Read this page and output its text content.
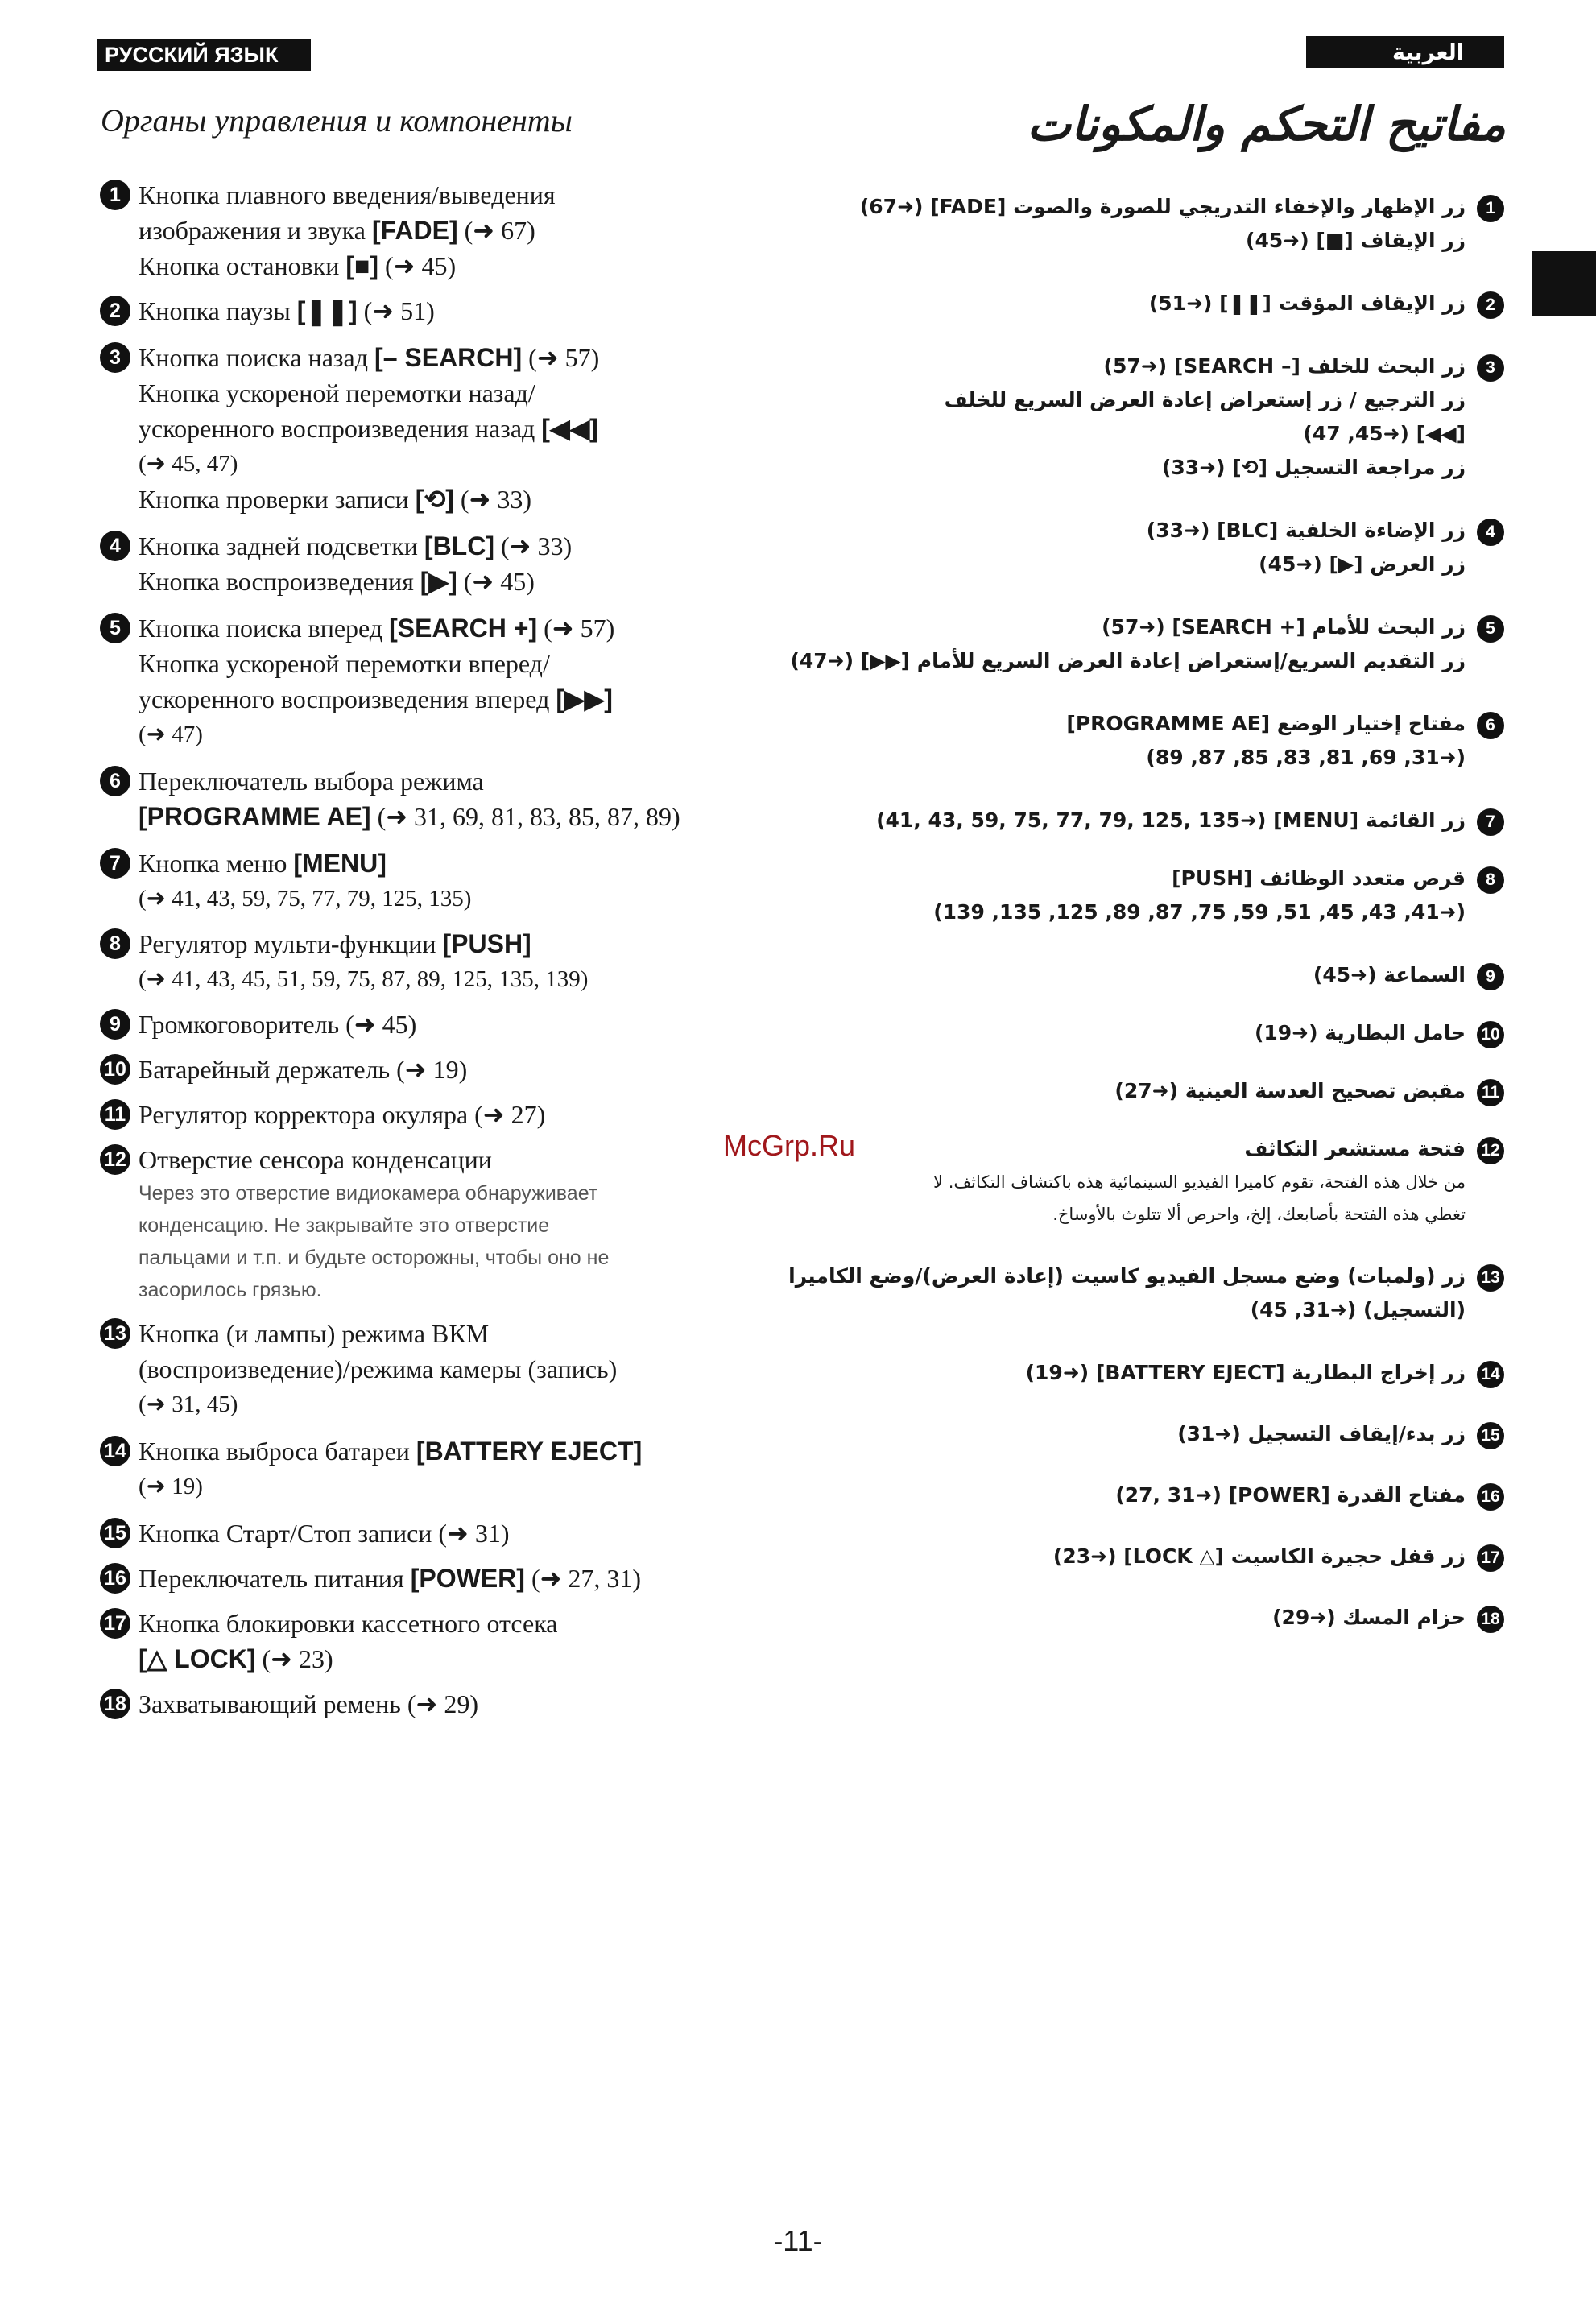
РУССКИЙ ЯЗЫК	العربية
Органы управления и компоненты	مفاتيح التحكم والمكونات
1 Кнопка плавного введения/выведения
изображения и звука [FADE] (➜ 67)
Кнопка остановки [■] (➜ 45)
2 Кнопка паузы [❚❚] (➜ 51)
3 Кнопка поиска назад [– SEARCH] (➜ 57)
Кнопка ускореной перемотки назад/
ускоренного воспроизведения назад [◀◀]
(➜ 45, 47)
Кнопка проверки записи [⟲] (➜ 33)
4 Кнопка задней подсветки [BLC] (➜ 33)
Кнопка воспроизведения [▶] (➜ 45)
5 Кнопка поиска вперед [SEARCH +] (➜ 57)
Кнопка ускореной перемотки вперед/
ускоренного воспроизведения вперед [▶▶]
(➜ 47)
6 Переключатель выбора режима
[PROGRAMME AE] (➜ 31, 69, 81, 83, 85, 87, 89)
7 Кнопка меню [MENU]
(➜ 41, 43, 59, 75, 77, 79, 125, 135)
8 Регулятор мульти-функции [PUSH]
(➜ 41, 43, 45, 51, 59, 75, 87, 89, 125, 135, 139)
9 Громкоговоритель (➜ 45)
10 Батарейный держатель (➜ 19)
11 Регулятор корректора окуляра (➜ 27)
12 Отверстие сенсора конденсации
Через это отверстие видиокамера обнаруживает
конденсацию. Не закрывайте это отверстие
пальцами и т.п. и будьте осторожны, чтобы оно не
засорилось грязью.
13 Кнопка (и лампы) режима ВКМ
(воспроизведение)/режима камеры (запись)
(➜ 31, 45)
14 Кнопка выброса батареи [BATTERY EJECT]
(➜ 19)
15 Кнопка Старт/Стоп записи (➜ 31)
16 Переключатель питания [POWER] (➜ 27, 31)
17 Кнопка блокировки кассетного отсека
[△ LOCK] (➜ 23)
18 Захватывающий ремень (➜ 29)
1
زر الإظهار والإخفاء التدريجي للصورة والصوت [FADE] (➜67)
زر الإيقاف [■] (➜45)
2
زر الإيقاف المؤقت [❚❚] (➜51)
3
زر البحث للخلف [– SEARCH] (➜57)
زر الترجيع / زر إستعراض إعادة العرض السريع للخلف
[◀◀] (➜45, 47)
زر مراجعة التسجيل [⟲] (➜33)
4
زر الإضاءة الخلفية [BLC] (➜33)
زر العرض [▶] (➜45)
5
زر البحث للأمام [+ SEARCH] (➜57)
زر التقديم السريع/إستعراض إعادة العرض السريع للأمام [▶▶] (➜47)
6
مفتاح إختيار الوضع [PROGRAMME AE]
(➜31, 69, 81, 83, 85, 87, 89)
7
زر القائمة [MENU] (➜41, 43, 59, 75, 77, 79, 125, 135)
8
قرص متعدد الوظائف [PUSH]
(➜41, 43, 45, 51, 59, 75, 87, 89, 125, 135, 139)
9
السماعة (➜45)
10
حامل البطارية (➜19)
11
مقبض تصحيح العدسة العينية (➜27)
12
فتحة مستشعر التكاثف
من خلال هذه الفتحة، تقوم كاميرا الفيديو السينمائية هذه باكتشاف التكاثف. لا
تغطي هذه الفتحة بأصابعك، إلخ، واحرص ألا تتلوث بالأوساخ.
13
زر (ولمبات) وضع مسجل الفيديو كاسيت (إعادة العرض)/وضع الكاميرا
(التسجيل) (➜31, 45)
14
زر إخراج البطارية [BATTERY EJECT] (➜19)
15
زر بدء/إيقاف التسجيل (➜31)
16
مفتاح القدرة [POWER] (➜27, 31)
17
زر قفل حجيرة الكاسيت [△ LOCK] (➜23)
18
حزام المسك (➜29)
McGrp.Ru
-11-
